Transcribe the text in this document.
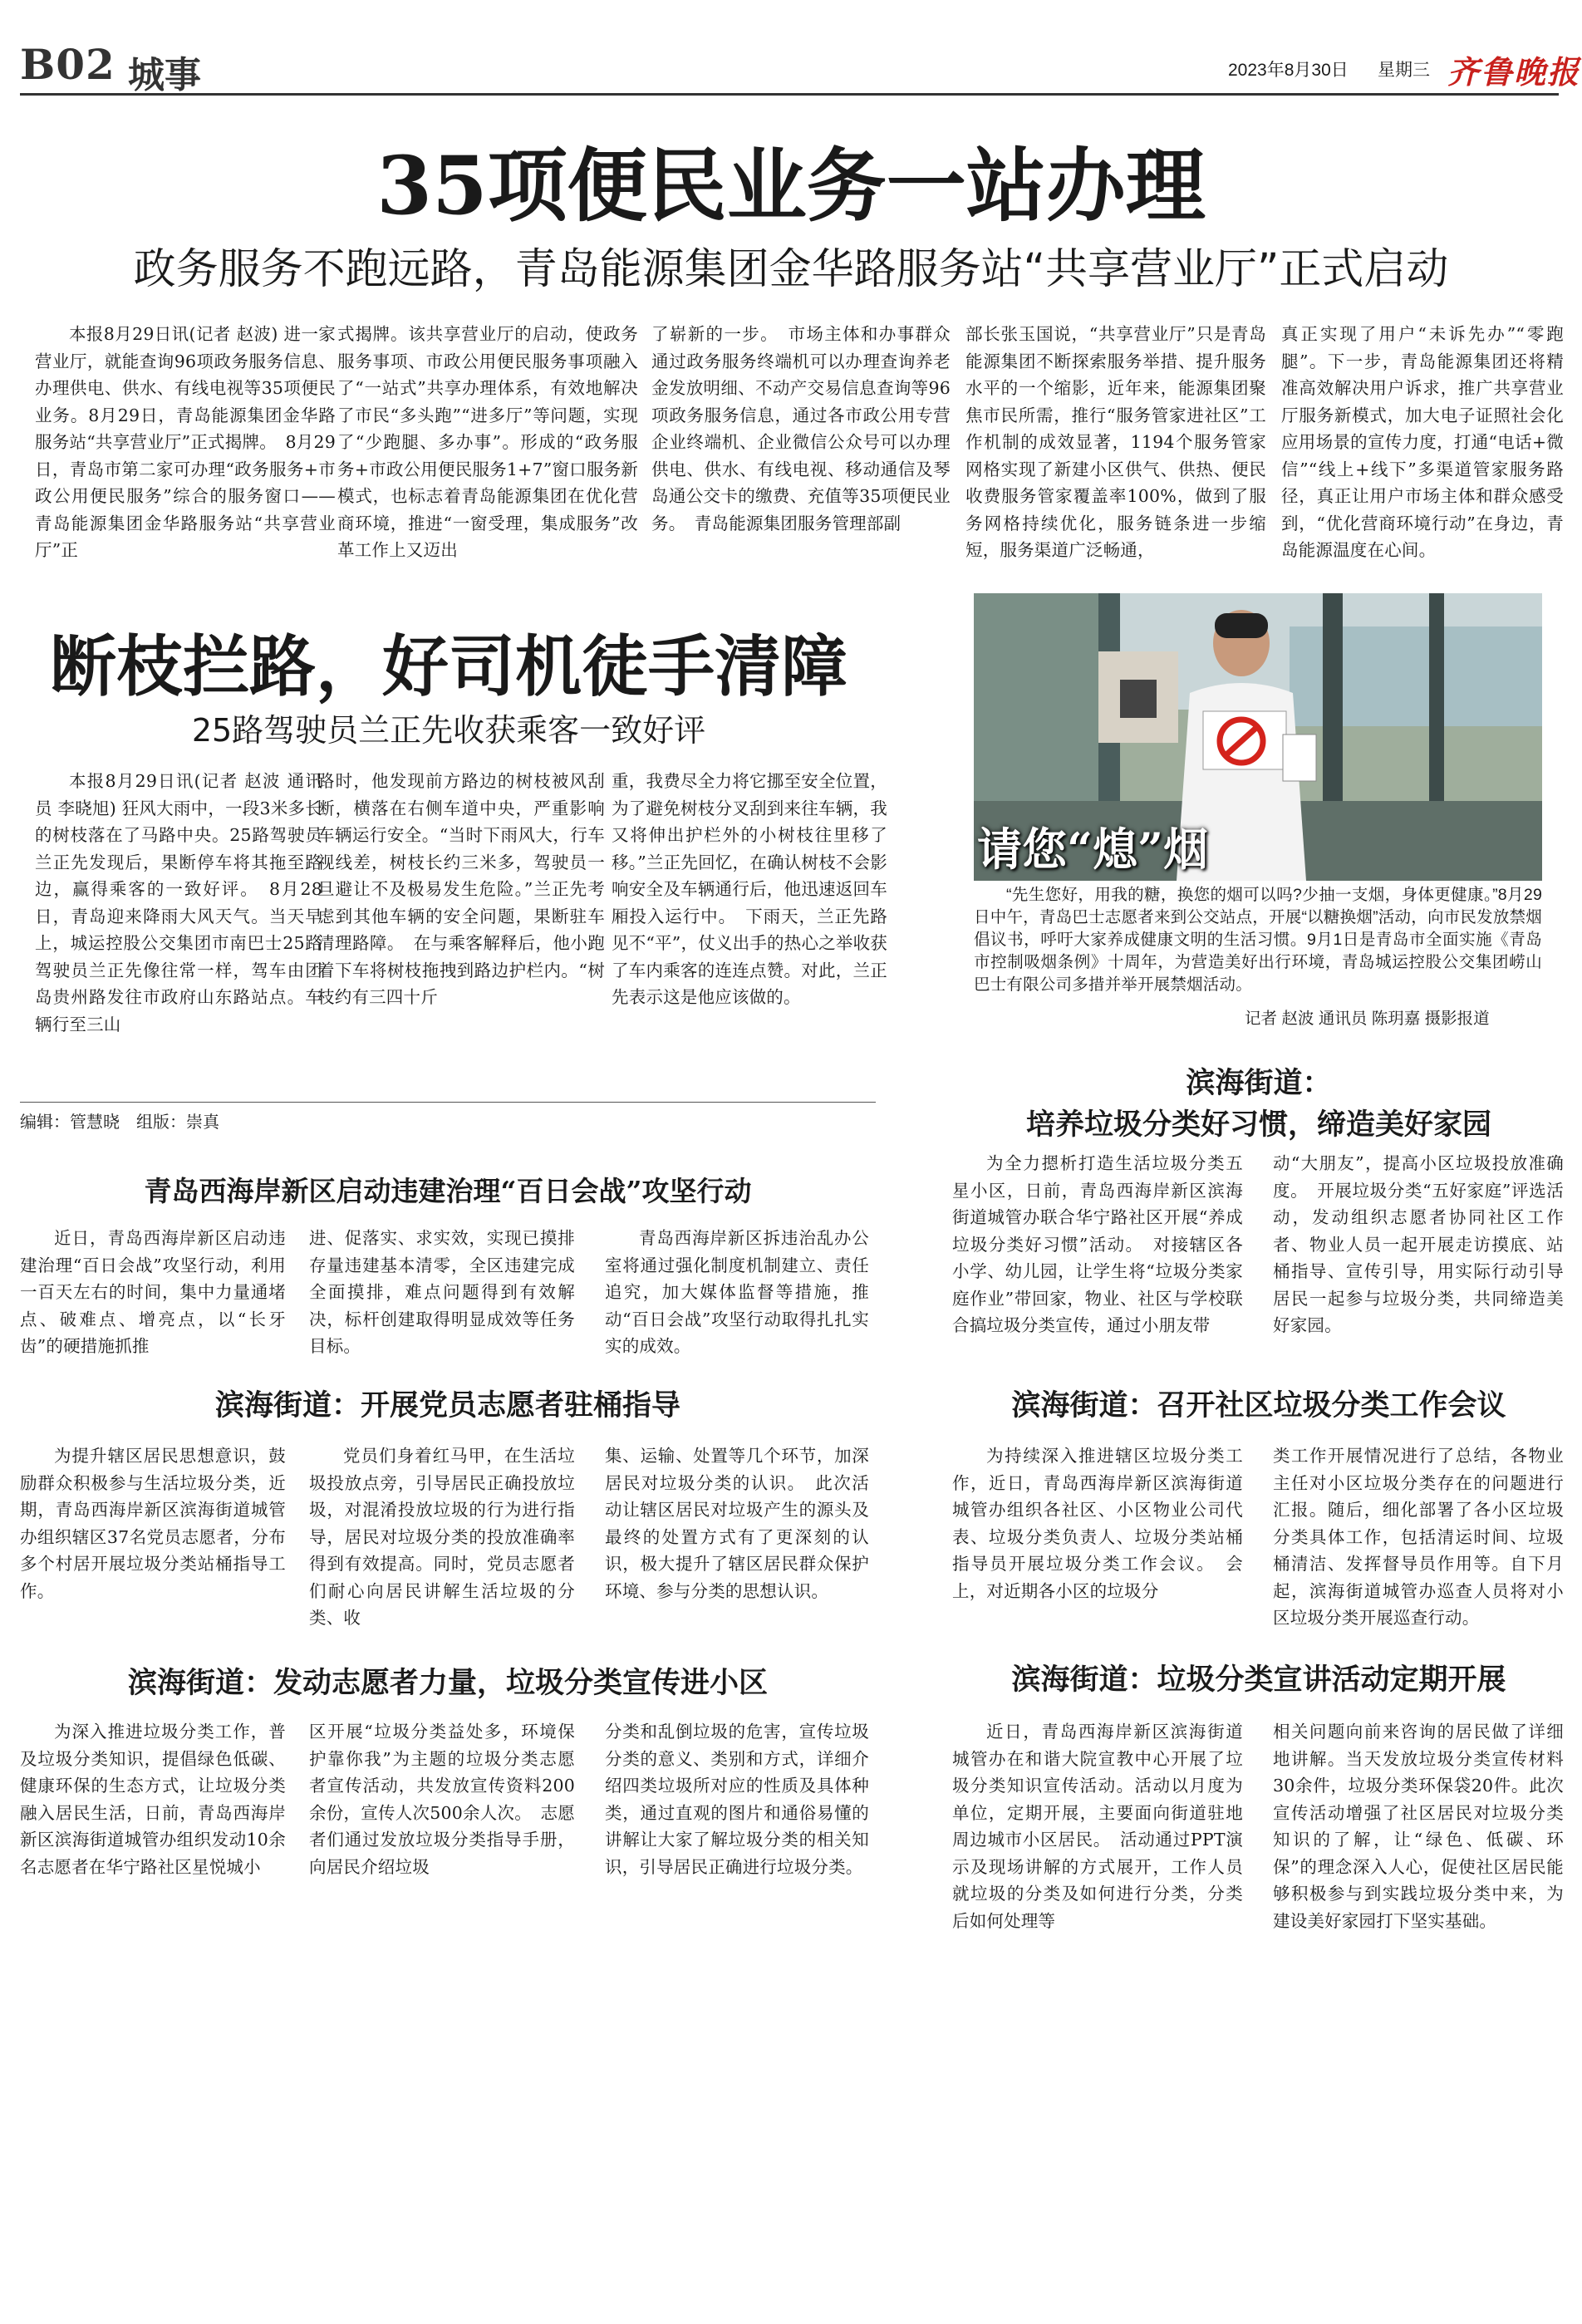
B02 城事	2023年8月30日 星期三 齐鲁晚报
35项便民业务一站办理
政务服务不跑远路，青岛能源集团金华路服务站“共享营业厅”正式启动

本报8月29日讯(记者 赵波) 进一家营业厅，就能查询96项政务服务信息、办理供电、供水、有线电视等35项便民业务。8月29日，青岛能源集团金华路服务站“共享营业厅”正式揭牌。　8月29日，青岛市第二家可办理“政务服务+市政公用便民服务”综合的服务窗口——青岛能源集团金华路服务站“共享营业厅”正

式揭牌。该共享营业厅的启动，使政务服务事项、市政公用便民服务事项融入了“一站式”共享办理体系，有效地解决了市民“多头跑”“进多厅”等问题，实现了“少跑腿、多办事”。形成的“政务服务+市政公用便民服务1+7”窗口服务新模式，也标志着青岛能源集团在优化营商环境，推进“一窗受理，集成服务”改革工作上又迈出

了崭新的一步。　市场主体和办事群众通过政务服务终端机可以办理查询养老金发放明细、不动产交易信息查询等96项政务服务信息，通过各市政公用专营企业终端机、企业微信公众号可以办理供电、供水、有线电视、移动通信及琴岛通公交卡的缴费、充值等35项便民业务。　青岛能源集团服务管理部副

部长张玉国说，“共享营业厅”只是青岛能源集团不断探索服务举措、提升服务水平的一个缩影，近年来，能源集团聚焦市民所需，推行“服务管家进社区”工作机制的成效显著，1194个服务管家网格实现了新建小区供气、供热、便民收费服务管家覆盖率100%，做到了服务网格持续优化，服务链条进一步缩短，服务渠道广泛畅通，

真正实现了用户“未诉先办”“零跑腿”。下一步，青岛能源集团还将精准高效解决用户诉求，推广共享营业厅服务新模式，加大电子证照社会化应用场景的宣传力度，打通“电话+微信”“线上+线下”多渠道管家服务路径，真正让用户市场主体和群众感受到，“优化营商环境行动”在身边，青岛能源温度在心间。

断枝拦路，好司机徒手清障
25路驾驶员兰正先收获乘客一致好评

本报8月29日讯(记者 赵波 通讯员 李晓旭) 狂风大雨中，一段3米多长的树枝落在了马路中央。25路驾驶员兰正先发现后，果断停车将其拖至路边，赢得乘客的一致好评。　8月28日，青岛迎来降雨大风天气。当天早上，城运控股公交集团市南巴士25路驾驶员兰正先像往常一样，驾车由团岛贵州路发往市政府山东路站点。车辆行至三山

路时，他发现前方路边的树枝被风刮断，横落在右侧车道中央，严重影响车辆运行安全。“当时下雨风大，行车视线差，树枝长约三米多，驾驶员一旦避让不及极易发生危险。”兰正先考虑到其他车辆的安全问题，果断驻车清理路障。　在与乘客解释后，他小跑着下车将树枝拖拽到路边护栏内。“树枝约有三四十斤

重，我费尽全力将它挪至安全位置，为了避免树枝分叉刮到来往车辆，我又将伸出护栏外的小树枝往里移了移。”兰正先回忆，在确认树枝不会影响安全及车辆通行后，他迅速返回车厢投入运行中。　下雨天，兰正先路见不“平”，仗义出手的热心之举收获了车内乘客的连连点赞。对此，兰正先表示这是他应该做的。

编辑：管慧晓　组版：崇真
请您“熄”烟

“先生您好，用我的糖，换您的烟可以吗?少抽一支烟，身体更健康。”8月29日中午，青岛巴士志愿者来到公交站点，开展“以糖换烟”活动，向市民发放禁烟倡议书，呼吁大家养成健康文明的生活习惯。9月1日是青岛市全面实施《青岛市控制吸烟条例》十周年，为营造美好出行环境，青岛城运控股公交集团崂山巴士有限公司多措并举开展禁烟活动。

记者 赵波 通讯员 陈玥嘉 摄影报道
青岛西海岸新区启动违建治理“百日会战”攻坚行动

近日，青岛西海岸新区启动违建治理“百日会战”攻坚行动，利用一百天左右的时间，集中力量通堵点、破难点、增亮点，以“长牙齿”的硬措施抓推

进、促落实、求实效，实现已摸排存量违建基本清零，全区违建完成全面摸排，难点问题得到有效解决，标杆创建取得明显成效等任务目标。

青岛西海岸新区拆违治乱办公室将通过强化制度机制建立、责任追究，加大媒体监督等措施，推动“百日会战”攻坚行动取得扎扎实实的成效。

滨海街道：开展党员志愿者驻桶指导

为提升辖区居民思想意识，鼓励群众积极参与生活垃圾分类，近期，青岛西海岸新区滨海街道城管办组织辖区37名党员志愿者，分布多个村居开展垃圾分类站桶指导工作。

党员们身着红马甲，在生活垃圾投放点旁，引导居民正确投放垃圾，对混淆投放垃圾的行为进行指导，居民对垃圾分类的投放准确率得到有效提高。同时，党员志愿者们耐心向居民讲解生活垃圾的分类、收

集、运输、处置等几个环节，加深居民对垃圾分类的认识。　此次活动让辖区居民对垃圾产生的源头及最终的处置方式有了更深刻的认识，极大提升了辖区居民群众保护环境、参与分类的思想认识。

滨海街道：发动志愿者力量，垃圾分类宣传进小区

为深入推进垃圾分类工作，普及垃圾分类知识，提倡绿色低碳、健康环保的生态方式，让垃圾分类融入居民生活，日前，青岛西海岸新区滨海街道城管办组织发动10余名志愿者在华宁路社区星悦城小

区开展“垃圾分类益处多，环境保护靠你我”为主题的垃圾分类志愿者宣传活动，共发放宣传资料200余份，宣传人次500余人次。　志愿者们通过发放垃圾分类指导手册，向居民介绍垃圾

分类和乱倒垃圾的危害，宣传垃圾分类的意义、类别和方式，详细介绍四类垃圾所对应的性质及具体种类，通过直观的图片和通俗易懂的讲解让大家了解垃圾分类的相关知识，引导居民正确进行垃圾分类。

滨海街道：
培养垃圾分类好习惯，缔造美好家园

为全力摁析打造生活垃圾分类五星小区，日前，青岛西海岸新区滨海街道城管办联合华宁路社区开展“养成垃圾分类好习惯”活动。　对接辖区各小学、幼儿园，让学生将“垃圾分类家庭作业”带回家，物业、社区与学校联合搞垃圾分类宣传，通过小朋友带

动“大朋友”，提高小区垃圾投放准确度。　开展垃圾分类“五好家庭”评选活动，发动组织志愿者协同社区工作者、物业人员一起开展走访摸底、站桶指导、宣传引导，用实际行动引导居民一起参与垃圾分类，共同缔造美好家园。

滨海街道：召开社区垃圾分类工作会议

为持续深入推进辖区垃圾分类工作，近日，青岛西海岸新区滨海街道城管办组织各社区、小区物业公司代表、垃圾分类负责人、垃圾分类站桶指导员开展垃圾分类工作会议。　会上，对近期各小区的垃圾分

类工作开展情况进行了总结，各物业主任对小区垃圾分类存在的问题进行汇报。随后，细化部署了各小区垃圾分类具体工作，包括清运时间、垃圾桶清洁、发挥督导员作用等。自下月起，滨海街道城管办巡查人员将对小区垃圾分类开展巡查行动。

滨海街道：垃圾分类宣讲活动定期开展

近日，青岛西海岸新区滨海街道城管办在和谐大院宣教中心开展了垃圾分类知识宣传活动。活动以月度为单位，定期开展，主要面向街道驻地周边城市小区居民。　活动通过PPT演示及现场讲解的方式展开，工作人员就垃圾的分类及如何进行分类，分类后如何处理等

相关问题向前来咨询的居民做了详细地讲解。当天发放垃圾分类宣传材料30余件，垃圾分类环保袋20件。此次宣传活动增强了社区居民对垃圾分类知识的了解，让“绿色、低碳、环保”的理念深入人心，促使社区居民能够积极参与到实践垃圾分类中来，为建设美好家园打下坚实基础。
